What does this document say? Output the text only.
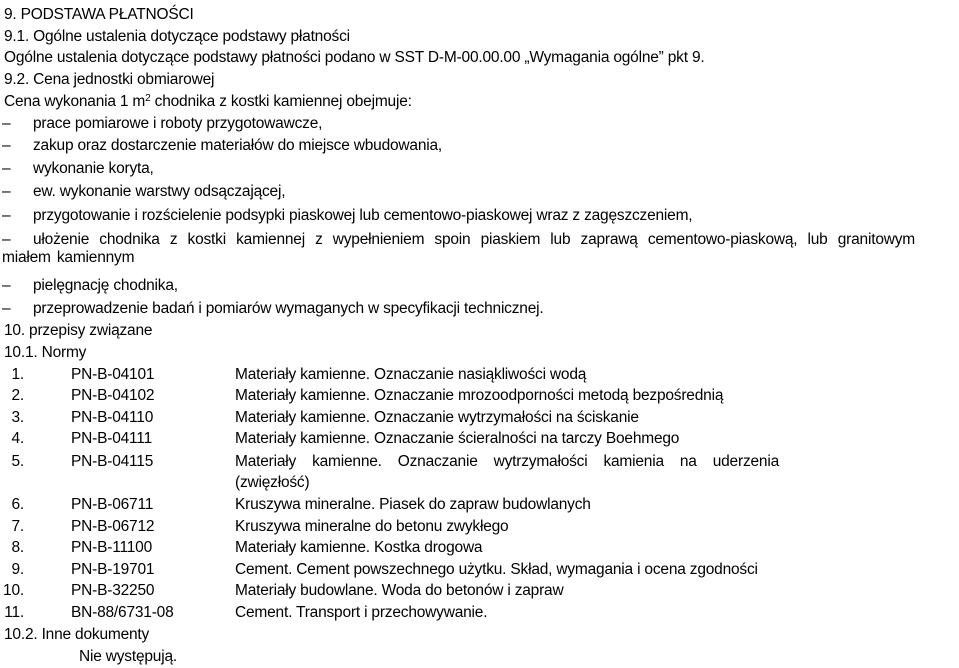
9. PODSTAWA PŁATNOŚCI
9.1. Ogólne ustalenia dotyczące podstawy płatności
Ogólne ustalenia dotyczące podstawy płatności podano w SST D-M-00.00.00 „Wymagania ogólne” pkt 9.
9.2. Cena jednostki obmiarowej
Cena wykonania 1 $m^2$ chodnika z kostki kamiennej obejmuje:
–	prace pomiarowe i roboty przygotowawcze,
–	zakup oraz dostarczenie materiałów do miejsce wbudowania,
–	wykonanie koryta,
–	ew. wykonanie warstwy odsączającej,
–	przygotowanie i rozścielenie podsypki piaskowej lub cementowo-piaskowej wraz z zagęszczeniem,
–	ułożenie chodnika z kostki kamiennej z wypełnieniem spoin piaskiem lub zaprawą cementowo-piaskową, lub granitowym miałem kamiennym
–	pielęgnację chodnika,
–	przeprowadzenie badań i pomiarów wymaganych w specyfikacji technicznej.
10. przepisy związane
10.1. Normy
1.	PN-B-04101	Materiały kamienne. Oznaczanie nasiąkliwości wodą
2.	PN-B-04102	Materiały kamienne. Oznaczanie mrozoodporności metodą bezpośrednią
3.	PN-B-04110	Materiały kamienne. Oznaczanie wytrzymałości na ściskanie
4.	PN-B-04111	Materiały kamienne. Oznaczanie ścieralności na tarczy Boehmego
5.	PN-B-04115	Materiały kamienne. Oznaczanie wytrzymałości kamienia na uderzenia
(zwięzłość)
6.	PN-B-06711	Kruszywa mineralne. Piasek do zapraw budowlanych
7.	PN-B-06712	Kruszywa mineralne do betonu zwykłego
8.	PN-B-11100	Materiały kamienne. Kostka drogowa
9.	PN-B-19701	Cement. Cement powszechnego użytku. Skład, wymagania i ocena zgodności
10.	PN-B-32250	Materiały budowlane. Woda do betonów i zapraw
11.	BN-88/6731-08	Cement. Transport i przechowywanie.
10.2. Inne dokumenty
Nie występują.
